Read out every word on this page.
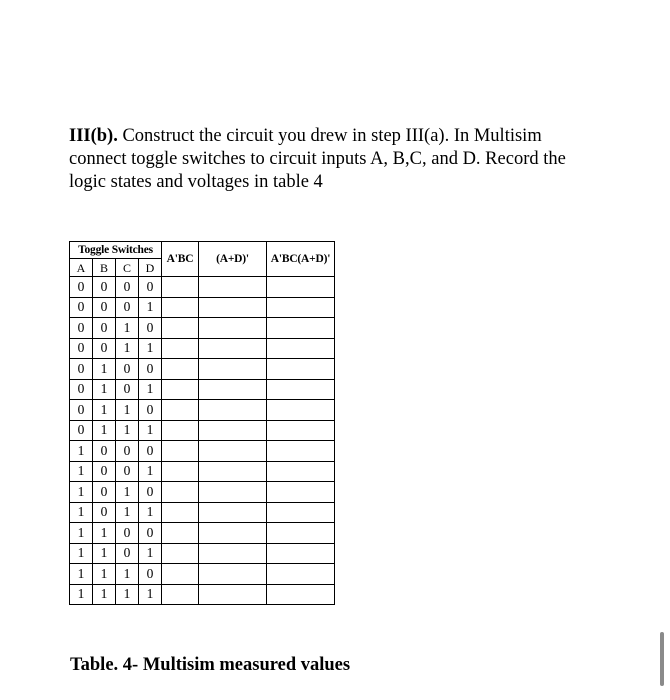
III(b). Construct the circuit you drew in step III(a). In Multisim
connect toggle switches to circuit inputs A, B,C, and D. Record the
logic states and voltages in table 4
Toggle Switches				A'BC	(A+D)'	A'BC(A+D)'
A	B	C	D			
0	0	0	0			
0	0	0	1			
0	0	1	0			
0	0	1	1			
0	1	0	0			
0	1	0	1			
0	1	1	0			
0	1	1	1			
1	0	0	0			
1	0	0	1			
1	0	1	0			
1	0	1	1			
1	1	0	0			
1	1	0	1			
1	1	1	0			
1	1	1	1			
Table. 4- Multisim measured values
